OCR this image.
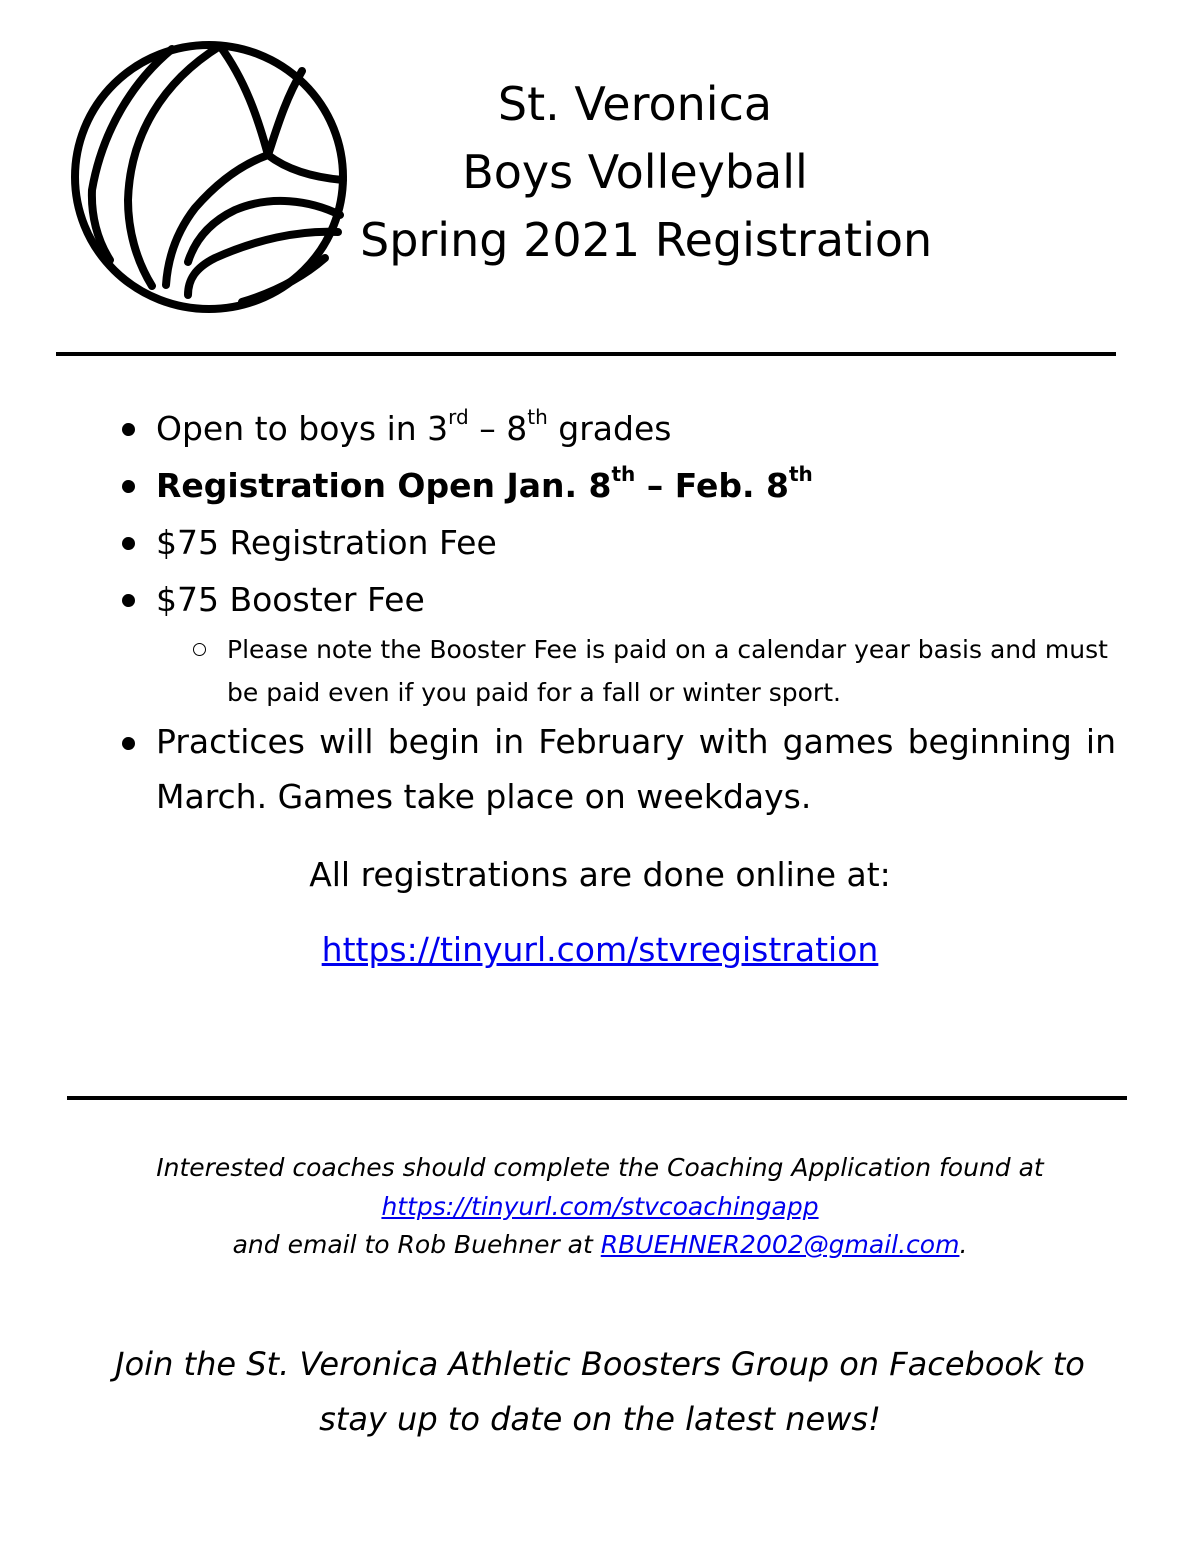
St. Veronica
Boys Volleyball
Spring 2021 Registration
Open to boys in 3rd – 8th grades
Registration Open Jan. 8th – Feb. 8th
$75 Registration Fee
$75 Booster Fee
Please note the Booster Fee is paid on a calendar year basis and must be paid even if you paid for a fall or winter sport.
Practices will begin in February with games beginning in March. Games take place on weekdays.
All registrations are done online at:
https://tinyurl.com/stvregistration
Interested coaches should complete the Coaching Application found at
https://tinyurl.com/stvcoachingapp
and email to Rob Buehner at RBUEHNER2002@gmail.com.
Join the St. Veronica Athletic Boosters Group on Facebook to
stay up to date on the latest news!
